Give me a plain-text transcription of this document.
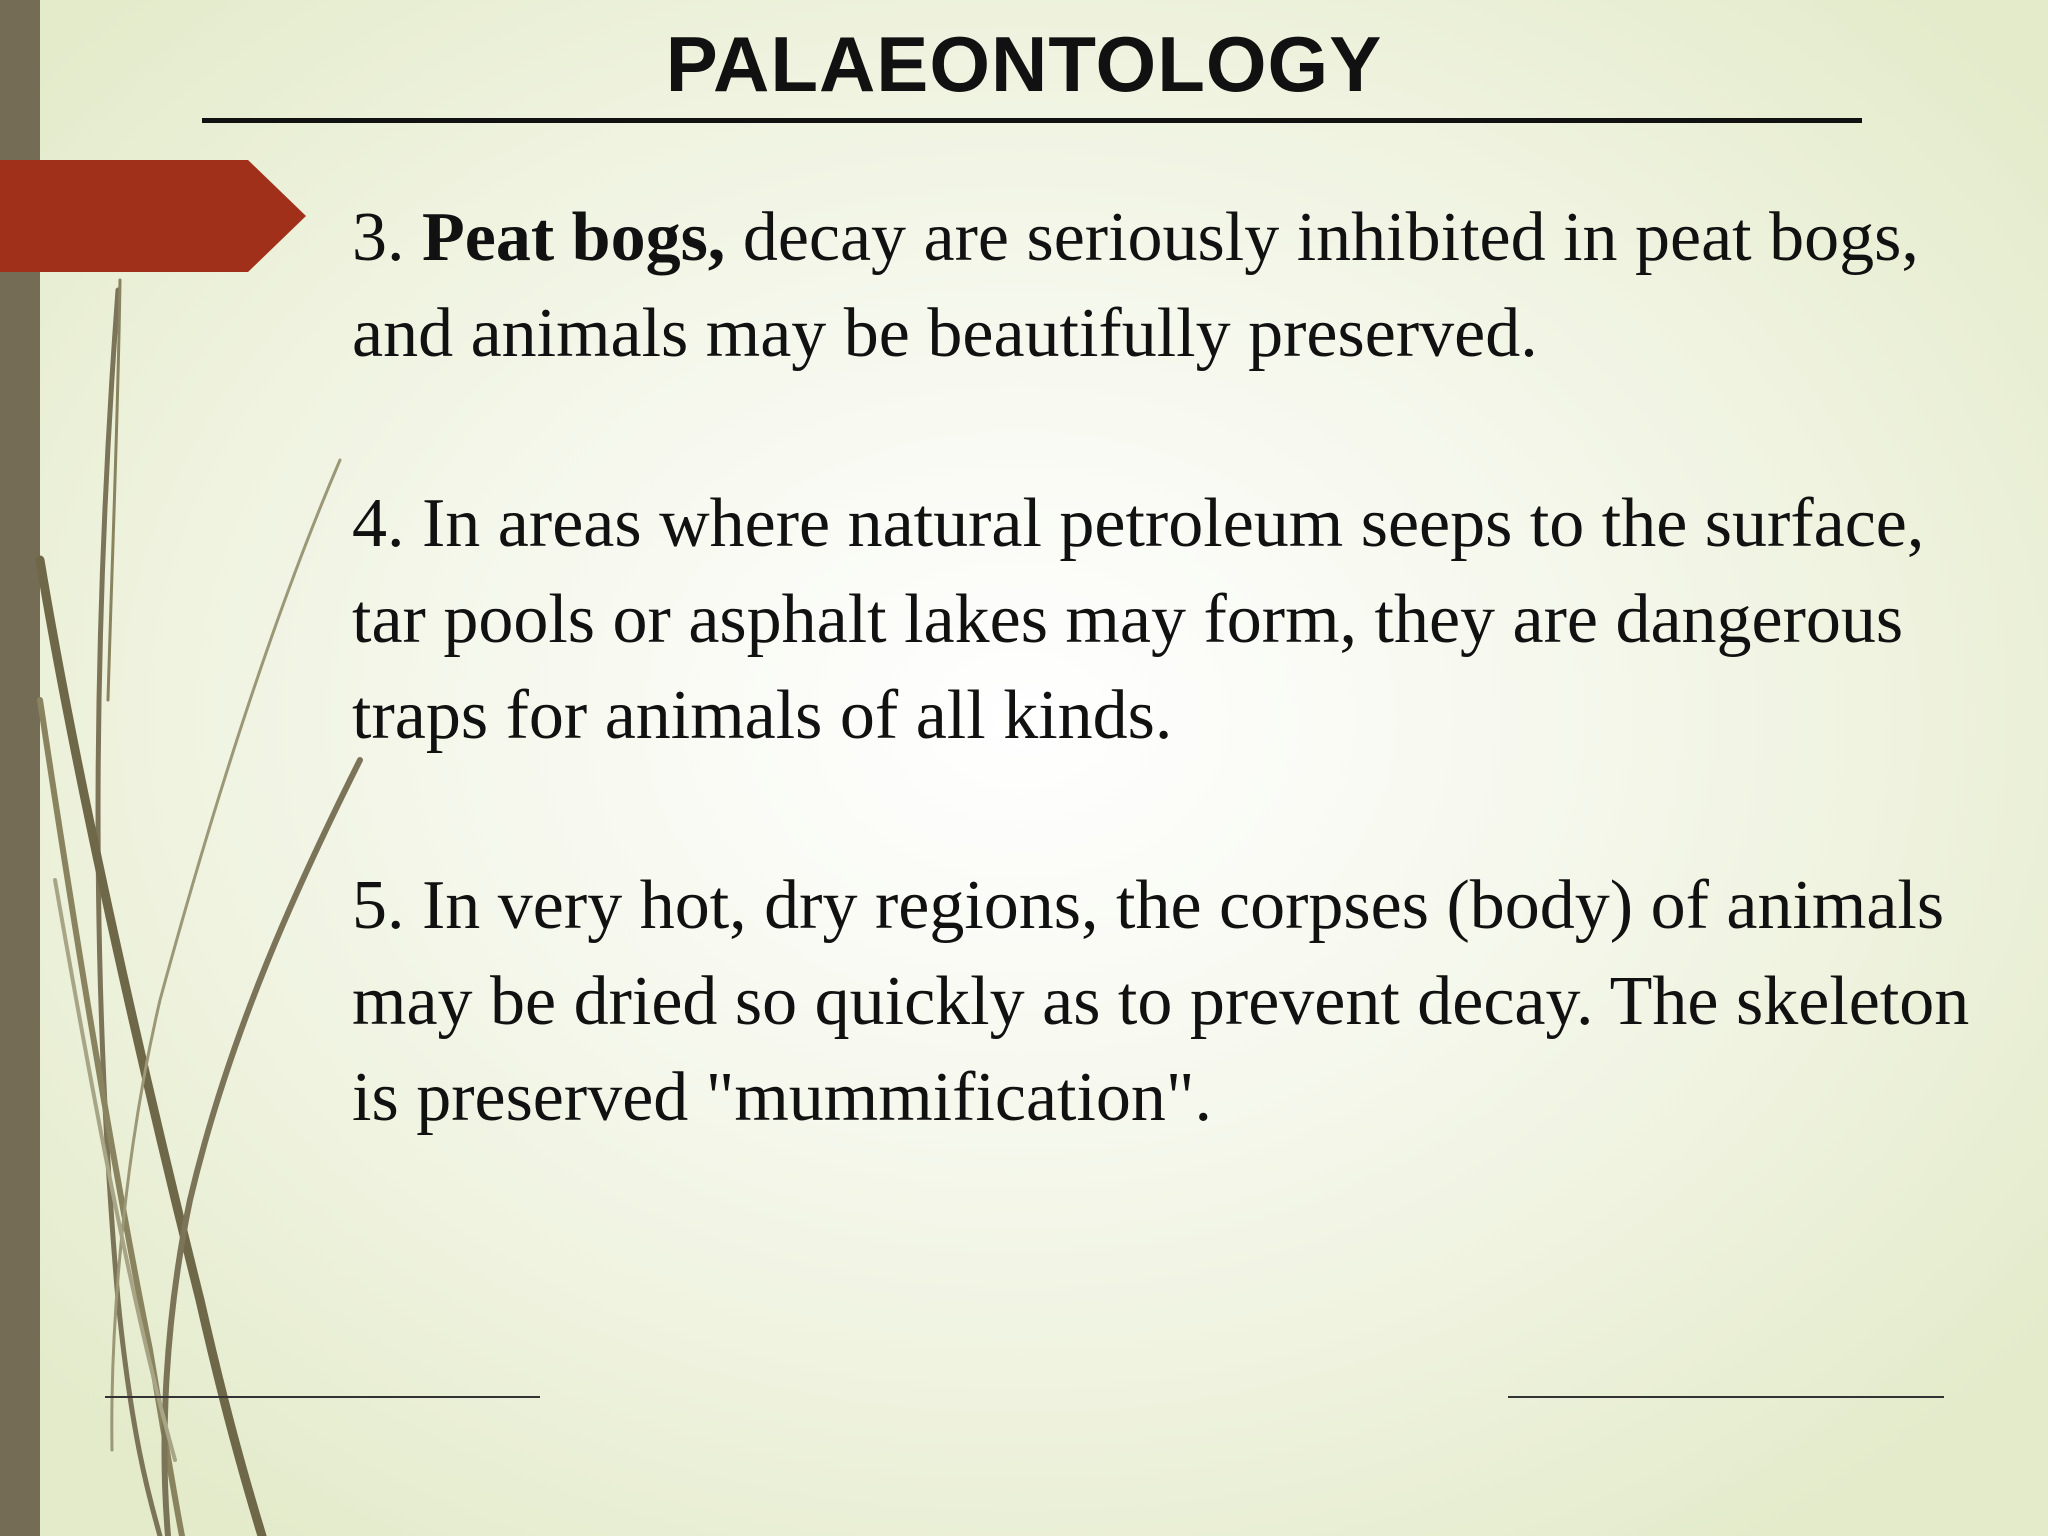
PALAEONTOLOGY

3. Peat bogs, decay are seriously inhibited in peat bogs, and animals may be beautifully preserved.

4. In areas where natural petroleum seeps to the surface, tar pools or asphalt lakes may form, they are dangerous traps for animals of all kinds.

5. In very hot, dry regions, the corpses (body) of animals may be dried so quickly as to prevent decay. The skeleton is preserved "mummification".
